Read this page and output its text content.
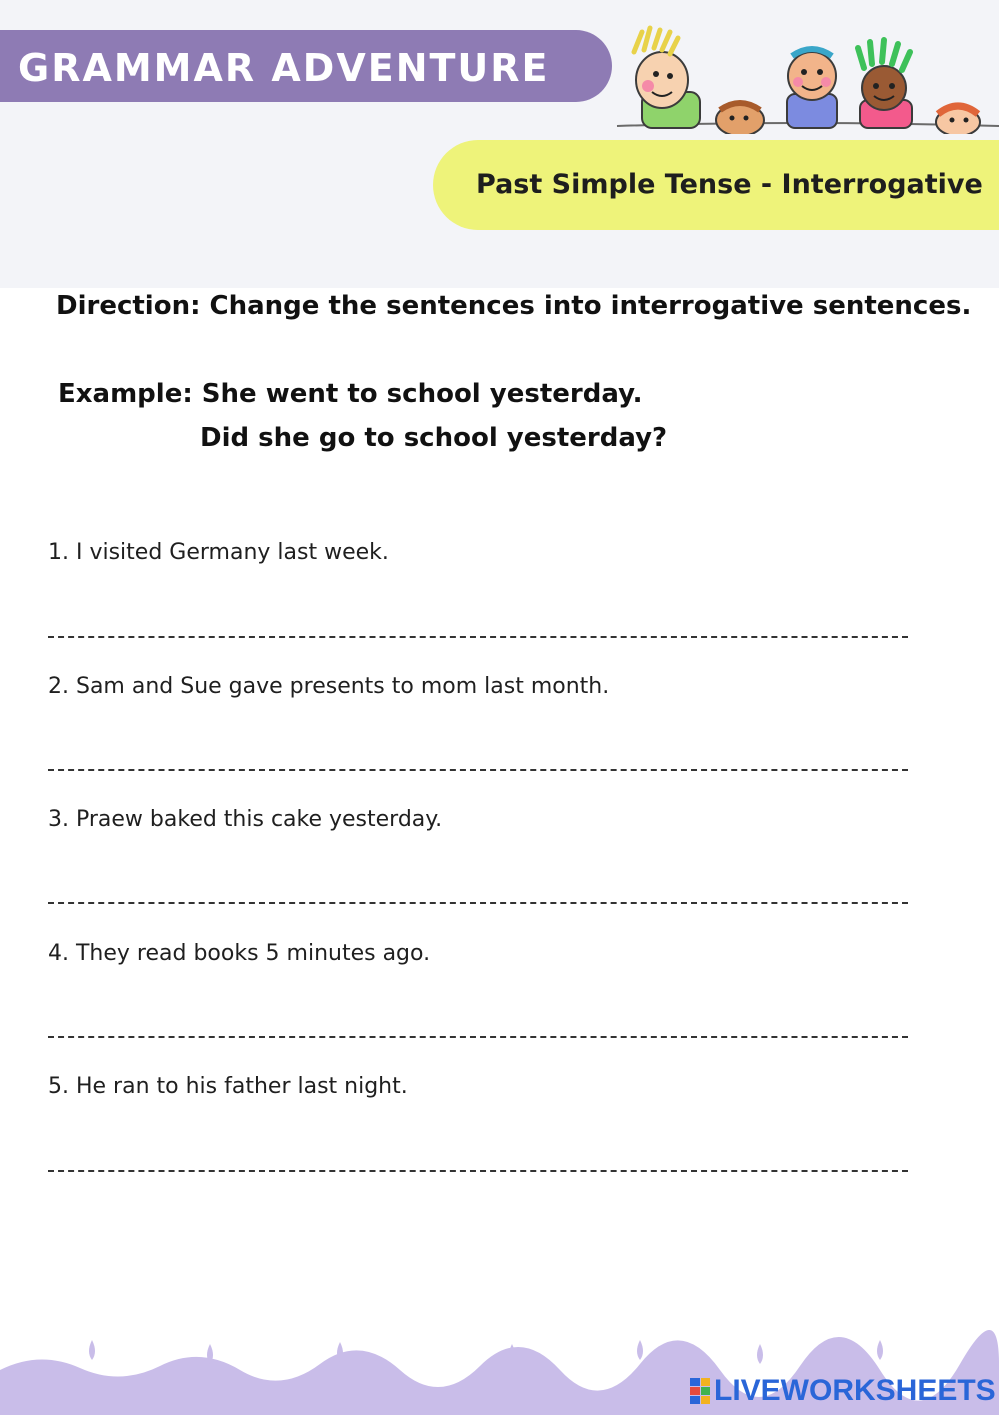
GRAMMAR ADVENTURE
Past Simple Tense - Interrogative
Direction: Change the sentences into interrogative sentences.
Example: She went to school yesterday.
Did she go to school yesterday?
1. I visited Germany last week.
2. Sam and Sue gave presents to mom last month.
3. Praew baked this cake yesterday.
4. They read books 5 minutes ago.
5. He ran to his father last night.
LIVEWORKSHEETS
